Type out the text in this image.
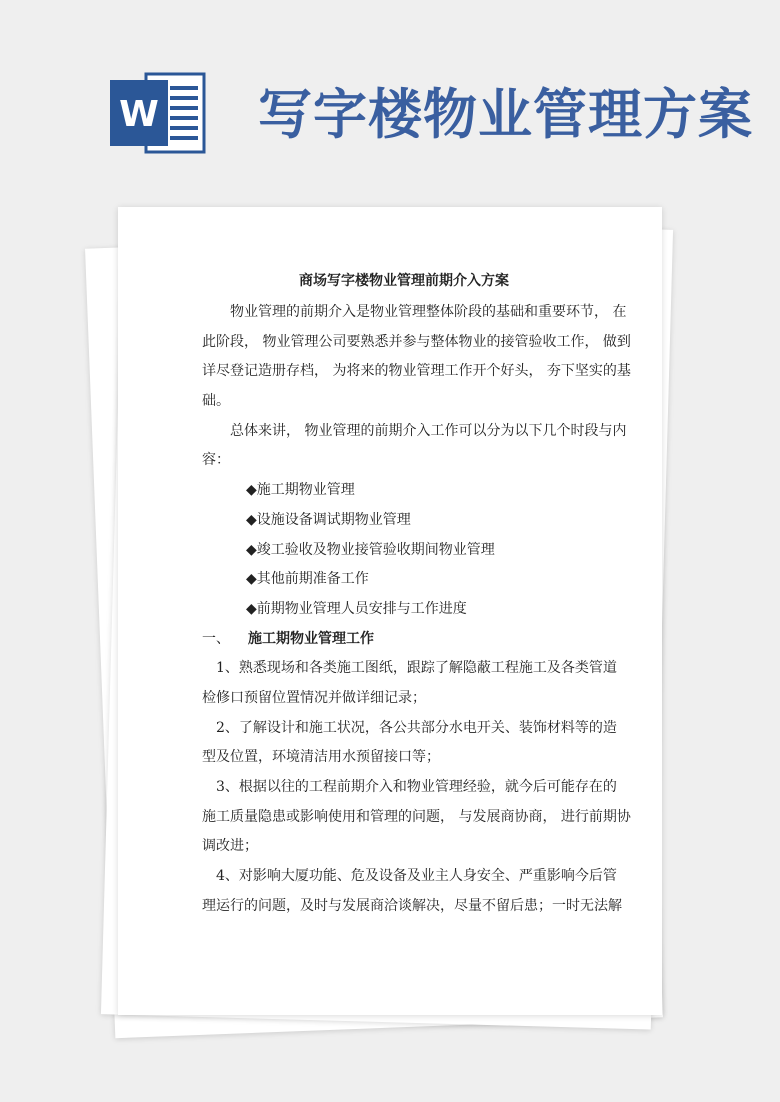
W 写字楼物业管理方案
商场写字楼物业管理前期介入方案
物业管理的前期介入是物业管理整体阶段的基础和重要环节， 在
此阶段， 物业管理公司要熟悉并参与整体物业的接管验收工作， 做到
详尽登记造册存档， 为将来的物业管理工作开个好头， 夯下坚实的基
础。
总体来讲， 物业管理的前期介入工作可以分为以下几个时段与内
容：
◆施工期物业管理
◆设施设备调试期物业管理
◆竣工验收及物业接管验收期间物业管理
◆其他前期准备工作
◆前期物业管理人员安排与工作进度
一、 施工期物业管理工作
1、熟悉现场和各类施工图纸，跟踪了解隐蔽工程施工及各类管道
检修口预留位置情况并做详细记录；
2、了解设计和施工状况，各公共部分水电开关、装饰材料等的造
型及位置，环境清洁用水预留接口等；
3、根据以往的工程前期介入和物业管理经验，就今后可能存在的
施工质量隐患或影响使用和管理的问题， 与发展商协商， 进行前期协
调改进；
4、对影响大厦功能、危及设备及业主人身安全、严重影响今后管
理运行的问题，及时与发展商洽谈解决，尽量不留后患；一时无法解
